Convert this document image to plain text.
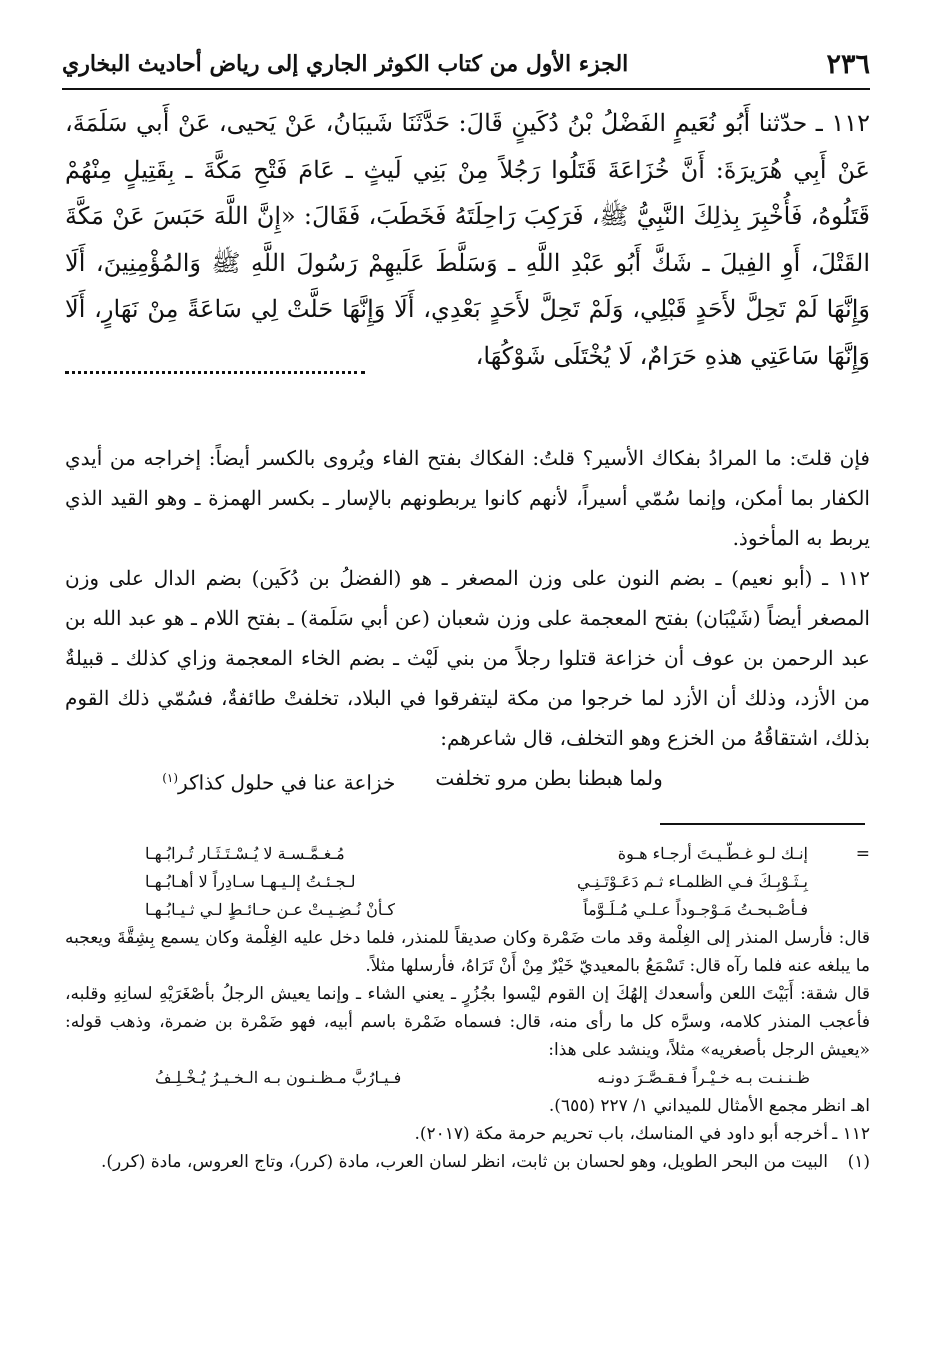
٢٣٦
الجزء الأول من كتاب الكوثر الجاري إلى رياض أحاديث البخاري
١١٢ ـ حدّثنا أَبُو نُعَيمٍ الفَضْلُ بْنُ دُكَينٍ قَالَ: حَدَّثَنَا شَيبَانُ، عَنْ يَحيى، عَنْ أَبي سَلَمَةَ، عَنْ أَبِي هُرَيرَةَ: أَنَّ خُزَاعَةَ قَتَلُوا رَجُلاً مِنْ بَنِي لَيثٍ ـ عَامَ فَتْحِ مَكَّةَ ـ بِقَتِيلٍ مِنْهُمْ قَتَلُوهُ، فَأُخْبِرَ بِذلِكَ النَّبِيُّ ﷺ، فَرَكِبَ رَاحِلَتَهُ فَخَطَبَ، فَقَالَ: «إِنَّ اللَّهَ حَبَسَ عَنْ مَكَّةَ القَتْلَ، أَوِ الفِيلَ ـ شَكَّ أَبُو عَبْدِ اللَّهِ ـ وَسَلَّطَ عَلَيهِمْ رَسُولَ اللَّهِ ﷺ وَالمُؤْمِنِينَ، أَلَا وَإِنَّهَا لَمْ تَحِلَّ لأَحَدٍ قَبْلِي، وَلَمْ تَحِلَّ لأَحَدٍ بَعْدِي، أَلَا وَإِنَّهَا حَلَّتْ لِي سَاعَةً مِنْ نَهَارٍ، أَلَا وَإِنَّهَا سَاعَتِي هذهِ حَرَامٌ، لَا يُخْتَلَى شَوْكُهَا،

فإن قلتَ: ما المرادُ بفكاك الأسير؟ قلتُ: الفكاك بفتح الفاء ويُروى بالكسر أيضاً: إخراجه من أيدي الكفار بما أمكن، وإنما سُمّي أسيراً، لأنهم كانوا يربطونهم بالإسار ـ بكسر الهمزة ـ وهو القيد الذي يربط به المأخوذ.

١١٢ ـ (أبو نعيم) ـ بضم النون على وزن المصغر ـ هو (الفضلُ بن دُكَين) بضم الدال على وزن المصغر أيضاً (شَيْبَان) بفتح المعجمة على وزن شعبان (عن أبي سَلَمة) ـ بفتح اللام ـ هو عبد الله بن عبد الرحمن بن عوف أن خزاعة قتلوا رجلاً من بني لَيْث ـ بضم الخاء المعجمة وزاي كذلك ـ قبيلةٌ من الأزد، وذلك أن الأزد لما خرجوا من مكة ليتفرقوا في البلاد، تخلفتْ طائفةٌ، فسُمّي ذلك القوم بذلك، اشتقاقُهُ من الخزع وهو التخلف، قال شاعرهم:

ولما هبطنا بطن مرو تخلفت
خزاعة عنا في حلول كذاكر$^{(١)}$
=
إنـك لـو غـطّـيـتَ أرجـاء هـوة
مُـغـمَّـسـة لا يُـسْـتَـثَـار تُـرابُـهـا
بِـثَـوْبِـكَ فـي الظلمـاء ثـم دَعَـوْتَـنِـي
لـجـئـتُ إلـيـهـا سـادِراً لا أهـابُـهـا
فـأصْـبحـتُ مَـوْجـوداً عـلـي مُـلَـوَّماً
كـأنْ نُـضِـيـتْ عـن حـائـطٍ لـي ثـيـابُـهـا

قال: فأرسل المنذر إلى الغِلْمة وقد مات ضَمْرة وكان صديقاً للمنذر، فلما دخل عليه الغِلْمة وكان يسمع بِشِقَّةَ ويعجبه ما يبلغه عنه فلما رآه قال: تَسْمَعُ بالمعيديّ خَيْرٌ مِنْ أَنْ تَرَاهُ، فأرسلها مثلاً.

قال شقة: أَبَيْتَ اللعن وأسعدك إلهُكَ إن القوم ليْسوا بجُزُرٍ ـ يعني الشاء ـ وإنما يعيش الرجلُ بأصْغَرَيْهِ لسانِهِ وقلبه، فأعجب المنذر كلامه، وسرَّه كل ما رأى منه، قال: فسماه ضَمْرة باسم أبيه، فهو ضَمْرة بن ضمرة، وذهب قوله: «يعيش الرجل بأصغريه» مثلاً، وينشد على هذا:

ظـنـنـت بـه خـيْـراً فـقـصَّـرَ دونـه
فـيـارُبَّ مـظـنـون بـه الـخـيـرُ يُـخْـلِـفُ
اهـ انظر مجمع الأمثال للميداني ١/ ٢٢٧ (٦٥٥).
١١٢ ـ
أخرجه أبو داود في المناسك، باب تحريم حرمة مكة (٢٠١٧).
(١)
البيت من البحر الطويل، وهو لحسان بن ثابت، انظر لسان العرب، مادة (كرر)، وتاج العروس، مادة (كرر).
